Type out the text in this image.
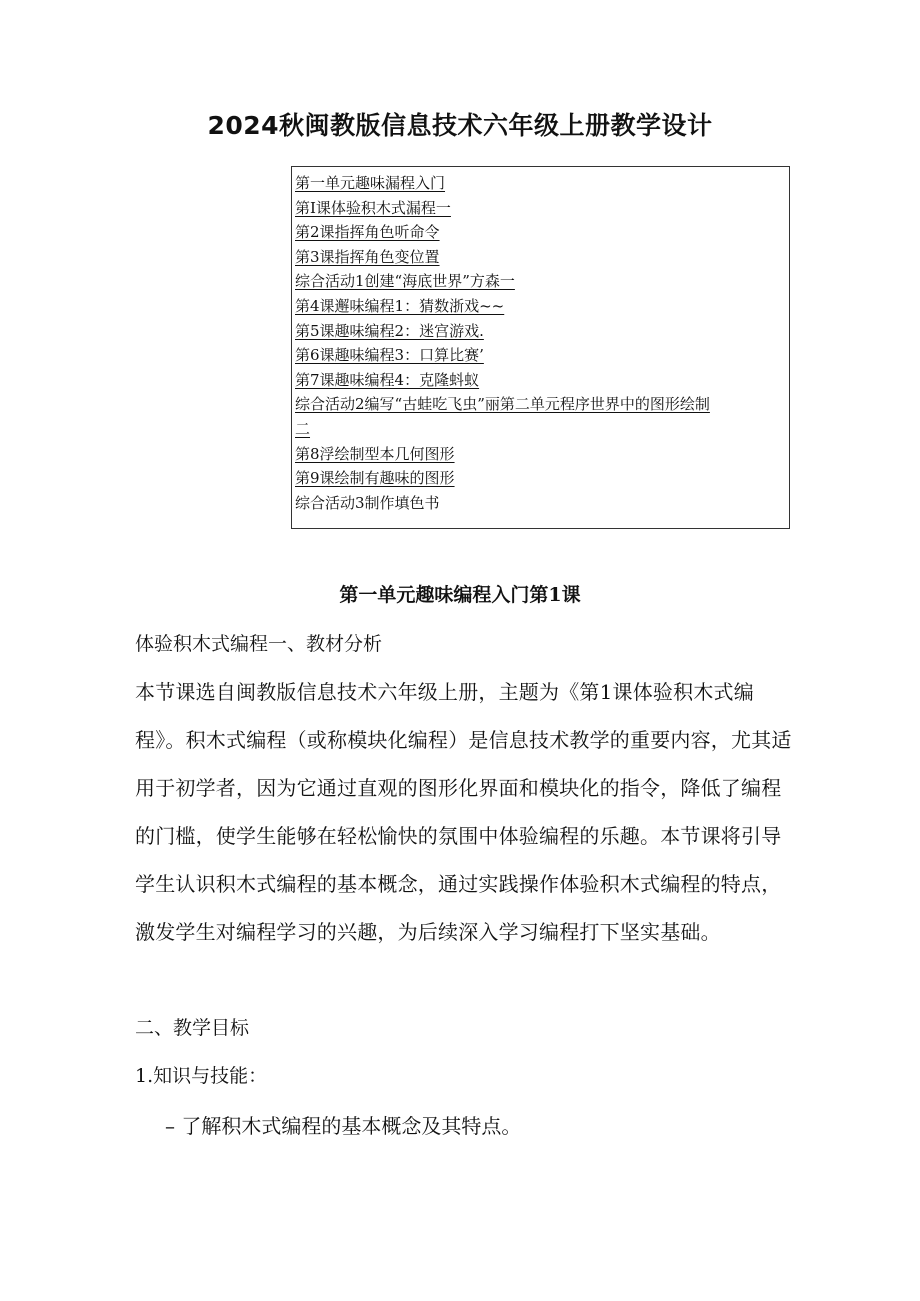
2024秋闽教版信息技术六年级上册教学设计
第一单元趣味漏程入门
第I课体验积木式漏程一
第2课指挥角色听命令
第3课指挥角色变位置
综合活动1创建“海底世界”方森一
第4课邂味编程1：猜数浙戏~~
第5课趣味编程2：迷宫游戏.
第6课趣味编程3：口算比赛’
第7课趣味编程4：克隆蚪蚁
综合活动2编写“古蛙吃飞虫”丽第二单元程序世界中的图形绘制
二
第8浮绘制型本几何图形
第9课绘制有趣味的图形
综合活动3制作填色书
第一单元趣味编程入门第1课

体验积木式编程一、教材分析

本节课选自闽教版信息技术六年级上册，主题为《第1课体验积木式编程》。积木式编程（或称模块化编程）是信息技术教学的重要内容，尤其适用于初学者，因为它通过直观的图形化界面和模块化的指令，降低了编程的门槛，使学生能够在轻松愉快的氛围中体验编程的乐趣。本节课将引导学生认识积木式编程的基本概念，通过实践操作体验积木式编程的特点，激发学生对编程学习的兴趣，为后续深入学习编程打下坚实基础。

二、教学目标

1.知识与技能：

– 了解积木式编程的基本概念及其特点。
